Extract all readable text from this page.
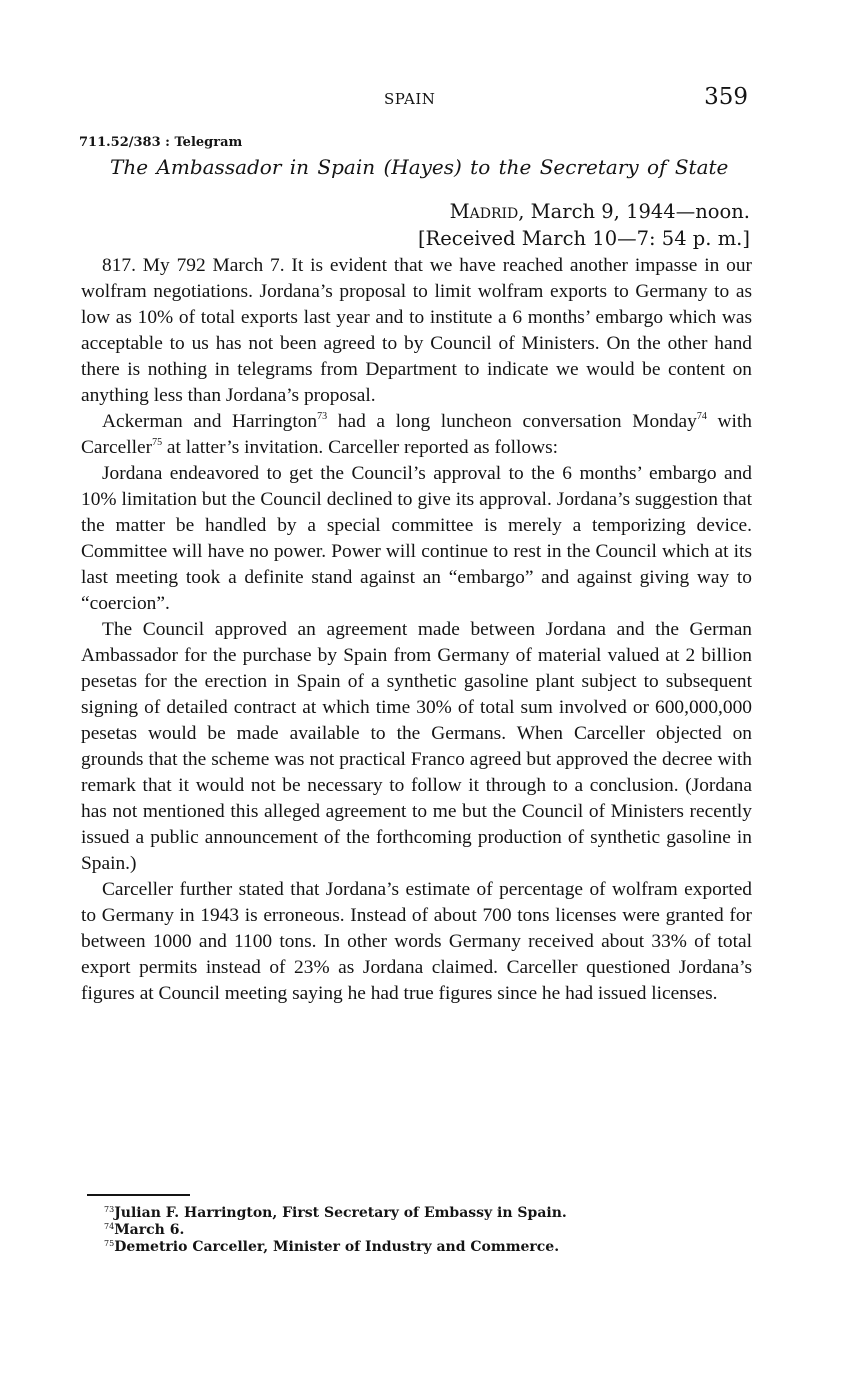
SPAIN	359
711.52/383 : Telegram
The Ambassador in Spain (Hayes) to the Secretary of State
Madrid, March 9, 1944—noon.
[Received March 10—7: 54 p. m.]

817. My 792 March 7. It is evident that we have reached another impasse in our wolfram negotiations. Jordana’s proposal to limit wolfram exports to Germany to as low as 10% of total exports last year and to institute a 6 months’ embargo which was acceptable to us has not been agreed to by Council of Ministers. On the other hand there is nothing in telegrams from Department to indicate we would be content on anything less than Jordana’s proposal.

Ackerman and Harrington$^{73}$ had a long luncheon conversation Monday$^{74}$ with Carceller$^{75}$ at latter’s invitation. Carceller reported as follows:

Jordana endeavored to get the Council’s approval to the 6 months’ embargo and 10% limitation but the Council declined to give its approval. Jordana’s suggestion that the matter be handled by a special committee is merely a temporizing device. Committee will have no power. Power will continue to rest in the Council which at its last meeting took a definite stand against an “embargo” and against giving way to “coercion”.

The Council approved an agreement made between Jordana and the German Ambassador for the purchase by Spain from Germany of material valued at 2 billion pesetas for the erection in Spain of a synthetic gasoline plant subject to subsequent signing of detailed contract at which time 30% of total sum involved or 600,000,000 pesetas would be made available to the Germans. When Carceller objected on grounds that the scheme was not practical Franco agreed but approved the decree with remark that it would not be necessary to follow it through to a conclusion. (Jordana has not mentioned this alleged agreement to me but the Council of Ministers recently issued a public announcement of the forthcoming production of synthetic gasoline in Spain.)

Carceller further stated that Jordana’s estimate of percentage of wolfram exported to Germany in 1943 is erroneous. Instead of about 700 tons licenses were granted for between 1000 and 1100 tons. In other words Germany received about 33% of total export permits instead of 23% as Jordana claimed. Carceller questioned Jordana’s figures at Council meeting saying he had true figures since he had issued licenses.

$^{73}$Julian F. Harrington, First Secretary of Embassy in Spain.
$^{74}$March 6.
$^{75}$Demetrio Carceller, Minister of Industry and Commerce.
